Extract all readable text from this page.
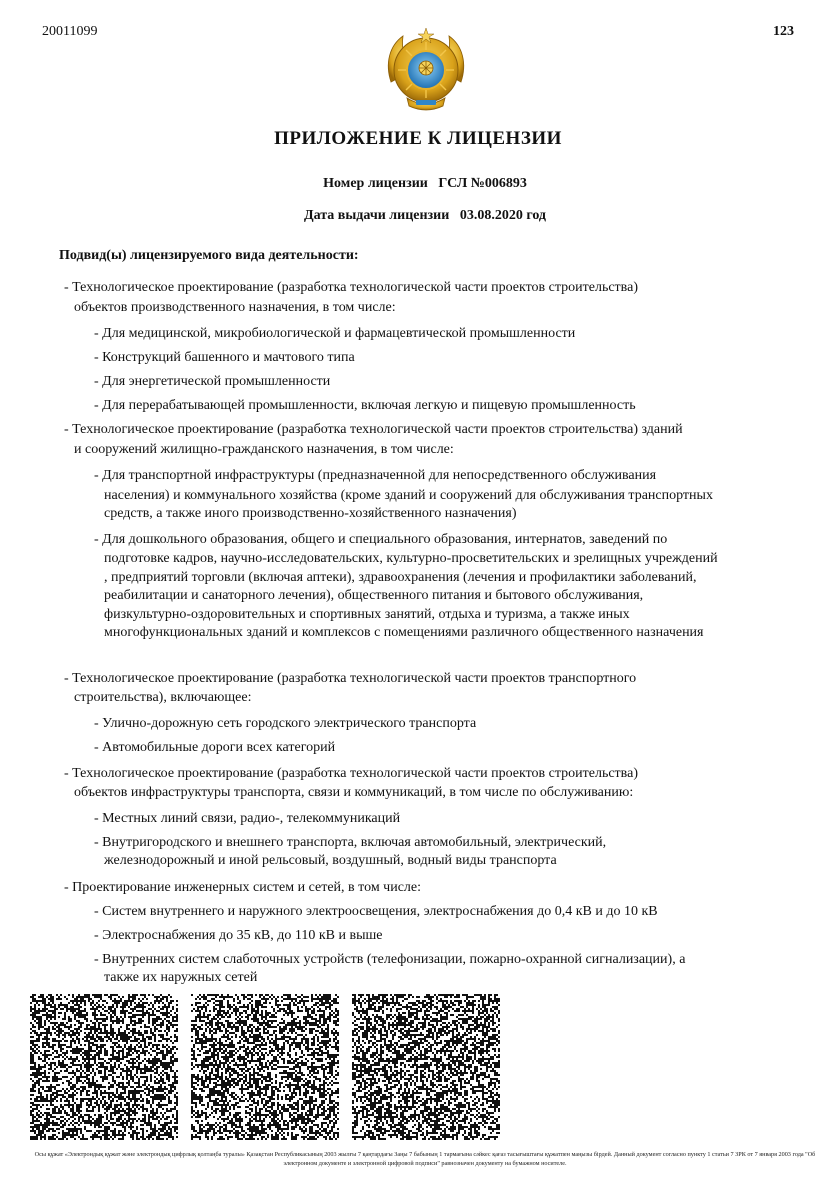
20011099	123
ПРИЛОЖЕНИЕ К ЛИЦЕНЗИИ
Номер лицензии ГСЛ №006893
Дата выдачи лицензии 03.08.2020 год
Подвид(ы) лицензируемого вида деятельности:
- Технологическое проектирование (разработка технологической части проектов строительства)
объектов производственного назначения, в том числе:
- Для медицинской, микробиологической и фармацевтической промышленности
- Конструкций башенного и мачтового типа
- Для энергетической промышленности
- Для перерабатывающей промышленности, включая легкую и пищевую промышленность
- Технологическое проектирование (разработка технологической части проектов строительства) зданий
и сооружений жилищно-гражданского назначения, в том числе:
- Для транспортной инфраструктуры (предназначенной для непосредственного обслуживания
населения) и коммунального хозяйства (кроме зданий и сооружений для обслуживания транспортных
средств, а также иного производственно-хозяйственного назначения)
- Для дошкольного образования, общего и специального образования, интернатов, заведений по
подготовке кадров, научно-исследовательских, культурно-просветительских и зрелищных учреждений
, предприятий торговли (включая аптеки), здравоохранения (лечения и профилактики заболеваний,
реабилитации и санаторного лечения), общественного питания и бытового обслуживания,
физкультурно-оздоровительных и спортивных занятий, отдыха и туризма, а также иных
многофункциональных зданий и комплексов с помещениями различного общественного назначения
- Технологическое проектирование (разработка технологической части проектов транспортного
строительства), включающее:
- Улично-дорожную сеть городского электрического транспорта
- Автомобильные дороги всех категорий
- Технологическое проектирование (разработка технологической части проектов строительства)
объектов инфраструктуры транспорта, связи и коммуникаций, в том числе по обслуживанию:
- Местных линий связи, радио-, телекоммуникаций
- Внутригородского и внешнего транспорта, включая автомобильный, электрический,
железнодорожный и иной рельсовый, воздушный, водный виды транспорта
- Проектирование инженерных систем и сетей, в том числе:
- Систем внутреннего и наружного электроосвещения, электроснабжения до 0,4 кВ и до 10 кВ
- Электроснабжения до 35 кВ, до 110 кВ и выше
- Внутренних систем слаботочных устройств (телефонизации, пожарно-охранной сигнализации), а
также их наружных сетей
Осы құжат «Электрондық құжат және электрондық цифрлық қолтаңба туралы» Қазақстан Республикасының 2003 жылғы 7 қаңтардағы Заңы 7 бабының 1 тармағына сәйкес қағаз тасығыштағы құжатпен маңызы бірдей. Данный документ согласно пункту 1 статьи 7 ЗРК от 7 января 2003 года "Об электронном документе и электронной цифровой подписи" равнозначен документу на бумажном носителе.
